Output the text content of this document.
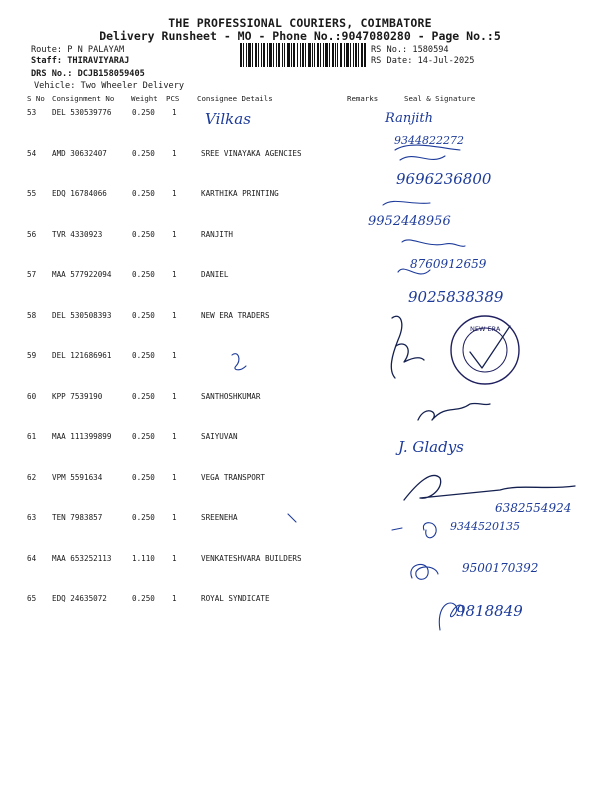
THE PROFESSIONAL COURIERS, COIMBATORE
Delivery Runsheet - MO - Phone No.:9047080280 - Page No.:5
Route: P N PALAYAM
Staff: THIRAVIYARAJ
DRS No.: DCJB158059405
Vehicle: Two Wheeler Delivery
RS No.: 1580594
RS Date: 14-Jul-2025
S No Consignment No Weight PCS Consignee Details	Remarks	Seal & Signature
53 DEL 530539776	0.250 1
54 AMD 30632407	0.250 1	SREE VINAYAKA AGENCIES
55 EDQ 16784066	0.250 1	KARTHIKA PRINTING
56 TVR 4330923	0.250 1	RANJITH
57 MAA 577922094	0.250 1	DANIEL
58 DEL 530508393	0.250 1	NEW ERA TRADERS
59 DEL 121686961	0.250 1
60 KPP 7539190	0.250 1	SANTHOSHKUMAR
61 MAA 111399899	0.250 1	SAIYUVAN
62 VPM 5591634	0.250 1	VEGA TRANSPORT
63 TEN 7983857	0.250 1	SREENEHA
64 MAA 653252113	1.110 1	VENKATESHVARA BUILDERS
65 EDQ 24635072	0.250 1	ROYAL SYNDICATE
Vilkas	Ranjith
9344822272
9696236800
9952448956
8760912659
9025838389
NEW ERA
J. Gladys
6382554924
9344520135
9500170392
9818849
